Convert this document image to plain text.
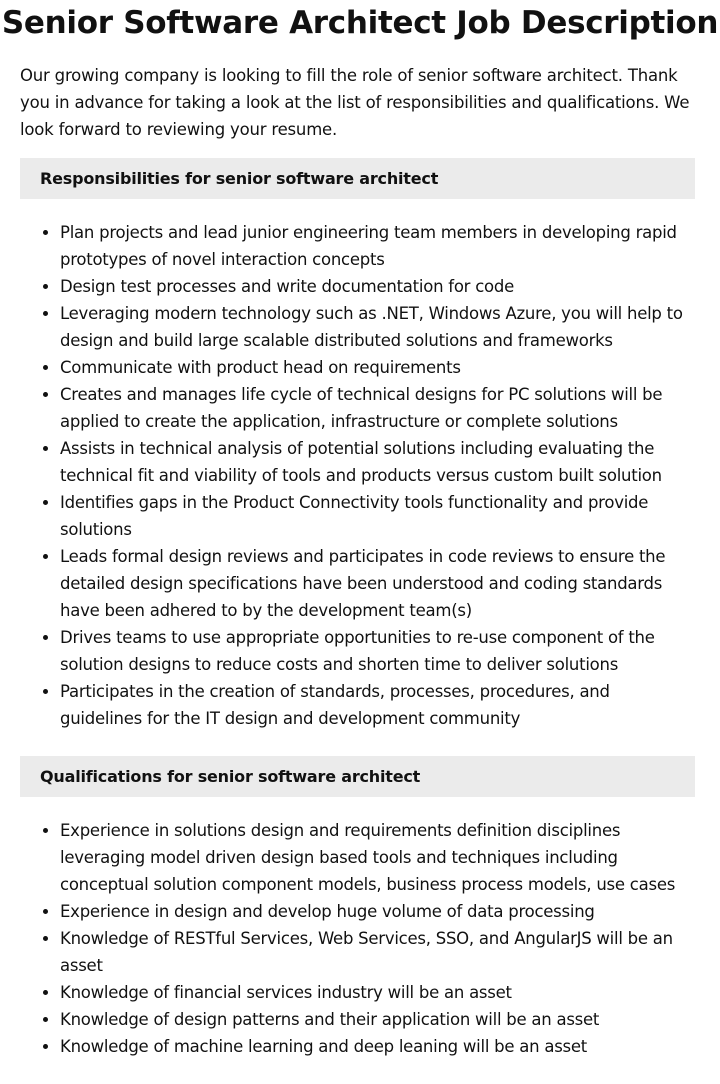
Senior Software Architect Job Description

Our growing company is looking to fill the role of senior software architect. Thank you in advance for taking a look at the list of responsibilities and qualifications. We look forward to reviewing your resume.

Responsibilities for senior software architect
• Plan projects and lead junior engineering team members in developing rapid prototypes of novel interaction concepts
• Design test processes and write documentation for code
• Leveraging modern technology such as .NET, Windows Azure, you will help to design and build large scalable distributed solutions and frameworks
• Communicate with product head on requirements
• Creates and manages life cycle of technical designs for PC solutions will be applied to create the application, infrastructure or complete solutions
• Assists in technical analysis of potential solutions including evaluating the technical fit and viability of tools and products versus custom built solution
• Identifies gaps in the Product Connectivity tools functionality and provide solutions
• Leads formal design reviews and participates in code reviews to ensure the detailed design specifications have been understood and coding standards have been adhered to by the development team(s)
• Drives teams to use appropriate opportunities to re-use component of the solution designs to reduce costs and shorten time to deliver solutions
• Participates in the creation of standards, processes, procedures, and guidelines for the IT design and development community
Qualifications for senior software architect
• Experience in solutions design and requirements definition disciplines leveraging model driven design based tools and techniques including conceptual solution component models, business process models, use cases
• Experience in design and develop huge volume of data processing
• Knowledge of RESTful Services, Web Services, SSO, and AngularJS will be an asset
• Knowledge of financial services industry will be an asset
• Knowledge of design patterns and their application will be an asset
• Knowledge of machine learning and deep leaning will be an asset
